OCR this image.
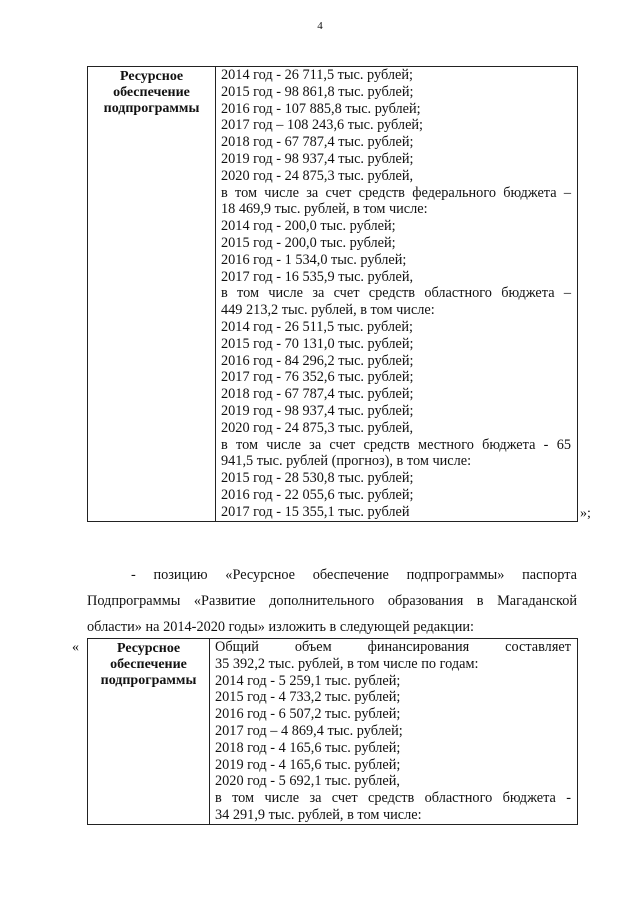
4
Ресурсное
обеспечение
подпрограммы

2014 год - 26 711,5 тыс. рублей;
2015 год - 98 861,8 тыс. рублей;
2016 год - 107 885,8 тыс. рублей;
2017 год – 108 243,6 тыс. рублей;
2018 год - 67 787,4 тыс. рублей;
2019 год - 98 937,4 тыс. рублей;
2020 год - 24 875,3 тыс. рублей,
в том числе за счет средств федерального бюджета –
18 469,9 тыс. рублей, в том числе:
2014 год - 200,0 тыс. рублей;
2015 год - 200,0 тыс. рублей;
2016 год - 1 534,0 тыс. рублей;
2017 год - 16 535,9 тыс. рублей,
в том числе за счет средств областного бюджета –
449 213,2 тыс. рублей, в том числе:
2014 год - 26 511,5 тыс. рублей;
2015 год - 70 131,0 тыс. рублей;
2016 год - 84 296,2 тыс. рублей;
2017 год - 76 352,6 тыс. рублей;
2018 год - 67 787,4 тыс. рублей;
2019 год - 98 937,4 тыс. рублей;
2020 год - 24 875,3 тыс. рублей,
в том числе за счет средств местного бюджета - 65
941,5 тыс. рублей (прогноз), в том числе:
2015 год - 28 530,8 тыс. рублей;
2016 год - 22 055,6 тыс. рублей;
2017 год - 15 355,1 тыс. рублей	»;
- позицию «Ресурсное обеспечение подпрограммы» паспорта
Подпрограммы «Развитие дополнительного образования в Магаданской
области» на 2014-2020 годы» изложить в следующей редакции:
«	Ресурсное
обеспечение
подпрограммы

Общий объем финансирования составляет
35 392,2 тыс. рублей, в том числе по годам:
2014 год - 5 259,1 тыс. рублей;
2015 год - 4 733,2 тыс. рублей;
2016 год - 6 507,2 тыс. рублей;
2017 год – 4 869,4 тыс. рублей;
2018 год - 4 165,6 тыс. рублей;
2019 год - 4 165,6 тыс. рублей;
2020 год - 5 692,1 тыс. рублей,
в том числе за счет средств областного бюджета -
34 291,9 тыс. рублей, в том числе:
